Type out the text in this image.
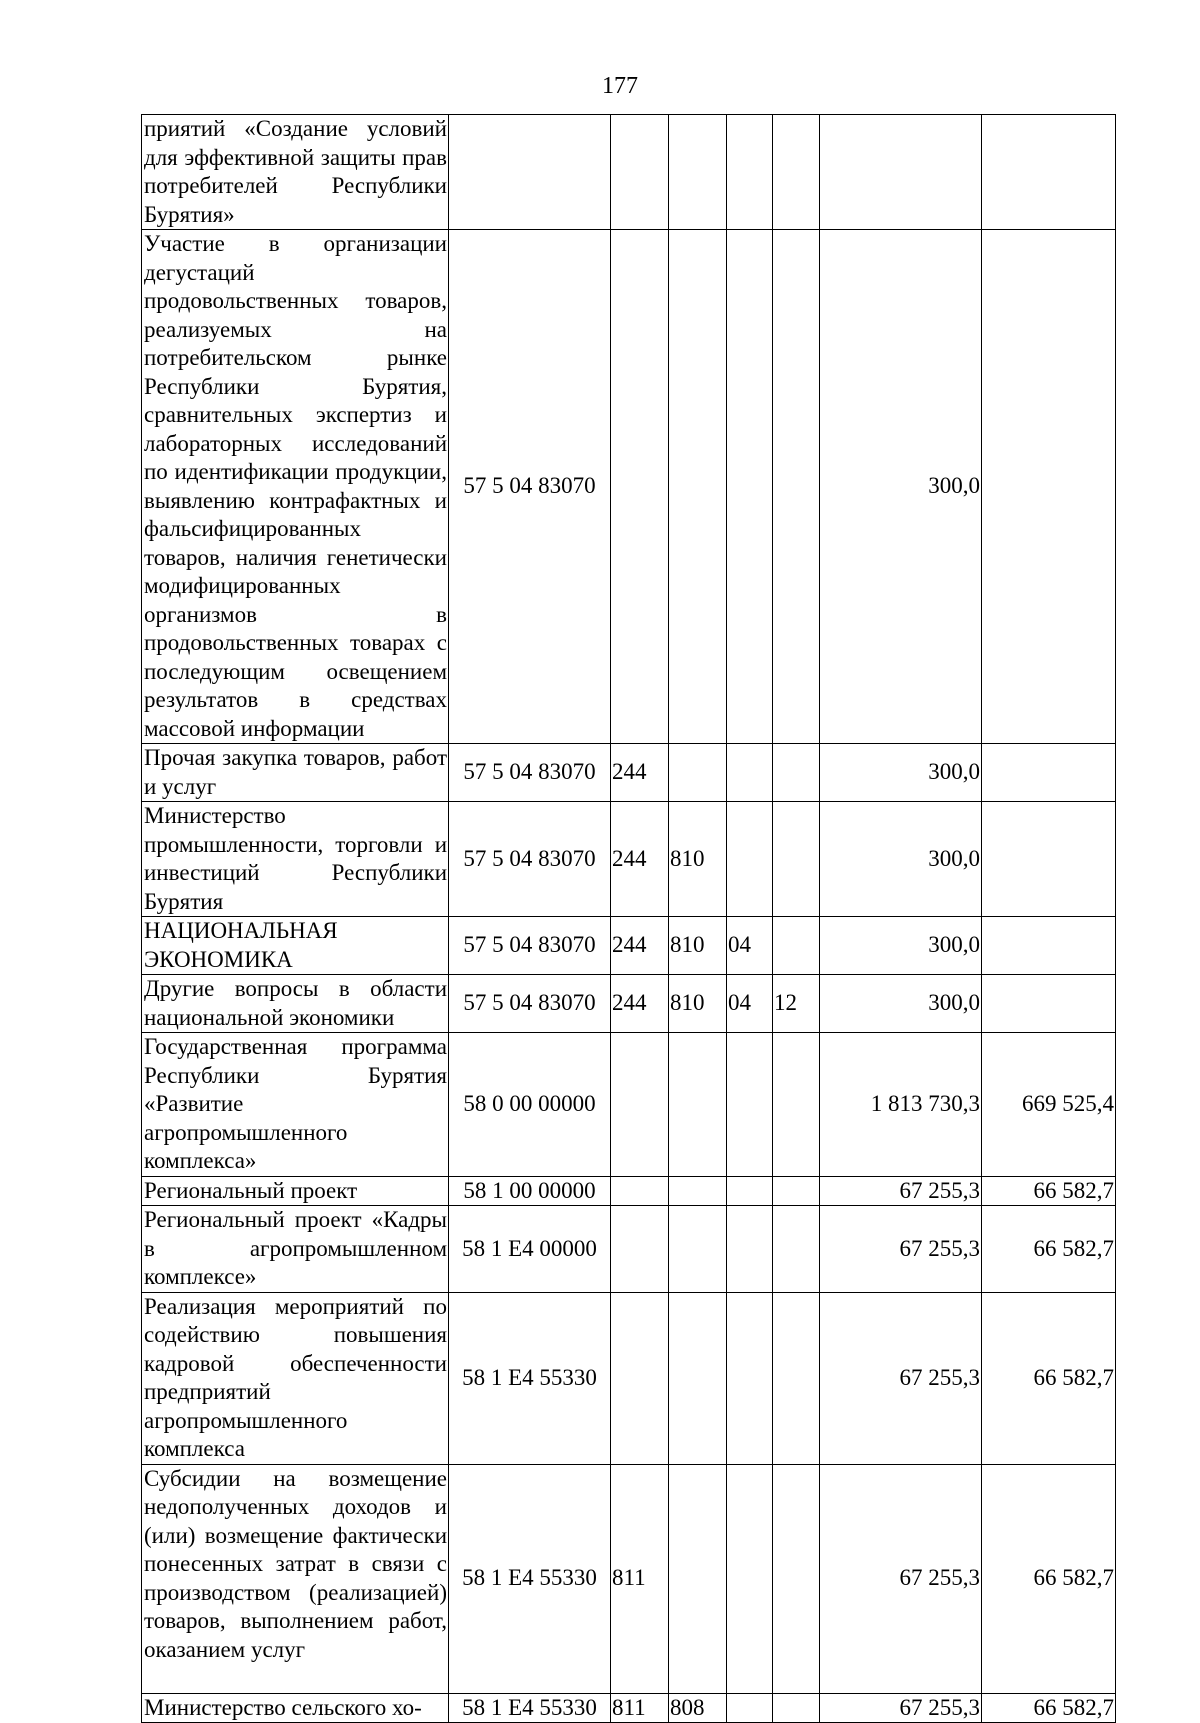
177
приятий «Создание условий для эффективной защиты прав потребителей Республики Бурятия»							
Участие в организации дегустаций продовольственных товаров, реализуемых на потребительском рынке Республики Бурятия, сравнительных экспертиз и лабораторных исследований по идентификации продукции, выявлению контрафактных и фальсифицированных товаров, наличия генетически модифицированных организмов в продовольственных товарах с последующим освещением результатов в средствах массовой информации	57 5 04 83070					300,0	
Прочая закупка товаров, работ и услуг	57 5 04 83070	244				300,0	
Министерство промышленности, торговли и инвестиций Республики Бурятия	57 5 04 83070	244	810			300,0	
НАЦИОНАЛЬНАЯ ЭКОНОМИКА	57 5 04 83070	244	810	04		300,0	
Другие вопросы в области национальной экономики	57 5 04 83070	244	810	04	12	300,0	
Государственная программа Республики Бурятия «Развитие агропромышленного комплекса»	58 0 00 00000					1 813 730,3	669 525,4
Региональный проект	58 1 00 00000					67 255,3	66 582,7
Региональный проект «Кадры в агропромышленном комплексе»	58 1 E4 00000					67 255,3	66 582,7
Реализация мероприятий по содействию повышения кадровой обеспеченности предприятий агропромышленного комплекса	58 1 E4 55330					67 255,3	66 582,7
Субсидии на возмещение недополученных доходов и (или) возмещение фактически понесенных затрат в связи с производством (реализацией) товаров, выполнением работ, оказанием услуг	58 1 E4 55330	811				67 255,3	66 582,7
Министерство сельского хо-	58 1 E4 55330	811	808			67 255,3	66 582,7
